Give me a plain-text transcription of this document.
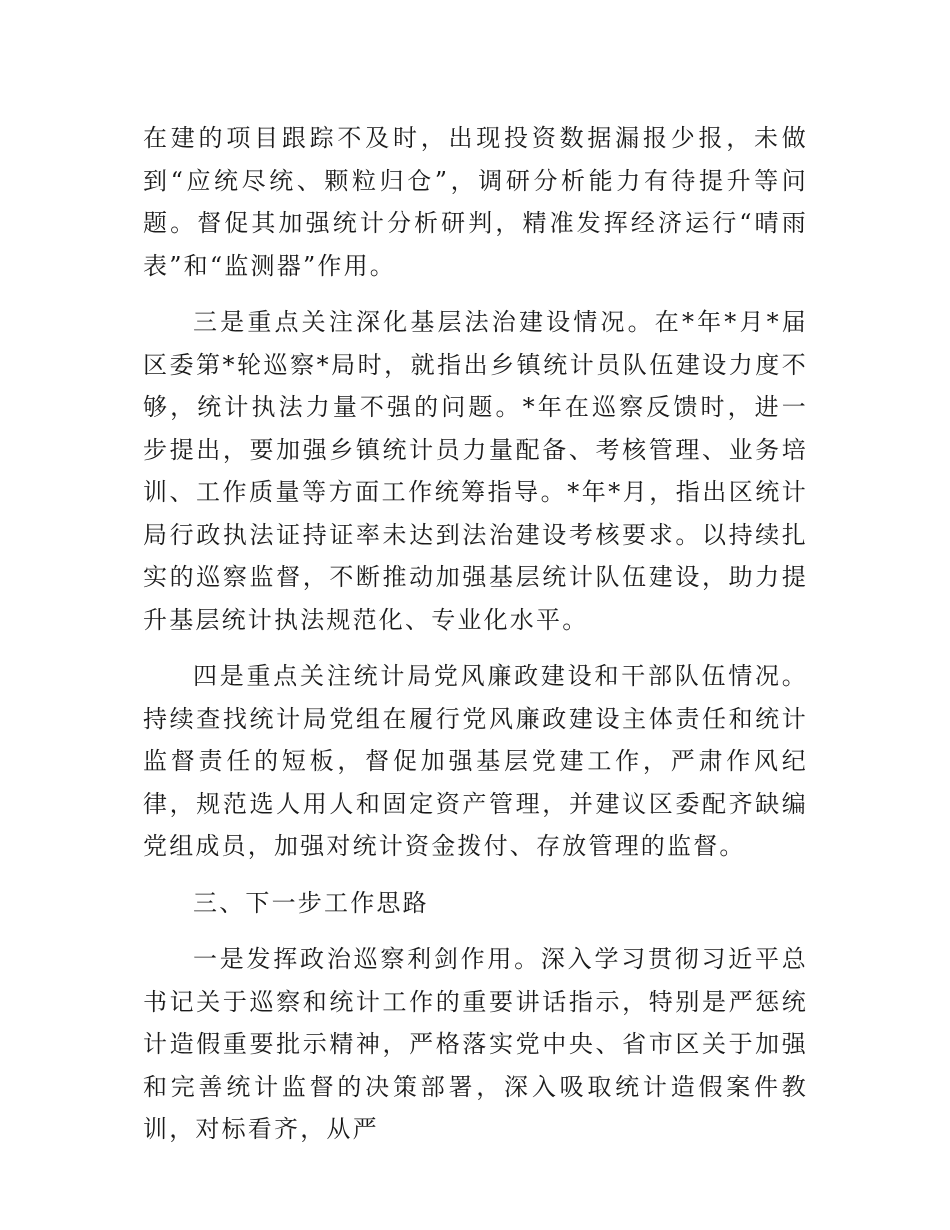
在建的项目跟踪不及时，出现投资数据漏报少报，未做到“应统尽统、颗粒归仓”，调研分析能力有待提升等问题。督促其加强统计分析研判，精准发挥经济运行“晴雨表”和“监测器”作用。

三是重点关注深化基层法治建设情况。在*年*月*届区委第*轮巡察*局时，就指出乡镇统计员队伍建设力度不够，统计执法力量不强的问题。*年在巡察反馈时，进一步提出，要加强乡镇统计员力量配备、考核管理、业务培训、工作质量等方面工作统筹指导。*年*月，指出区统计局行政执法证持证率未达到法治建设考核要求。以持续扎实的巡察监督，不断推动加强基层统计队伍建设，助力提升基层统计执法规范化、专业化水平。

四是重点关注统计局党风廉政建设和干部队伍情况。持续查找统计局党组在履行党风廉政建设主体责任和统计监督责任的短板，督促加强基层党建工作，严肃作风纪律，规范选人用人和固定资产管理，并建议区委配齐缺编党组成员，加强对统计资金拨付、存放管理的监督。

三、下一步工作思路

一是发挥政治巡察利剑作用。深入学习贯彻习近平总书记关于巡察和统计工作的重要讲话指示，特别是严惩统计造假重要批示精神，严格落实党中央、省市区关于加强和完善统计监督的决策部署，深入吸取统计造假案件教训，对标看齐，从严
